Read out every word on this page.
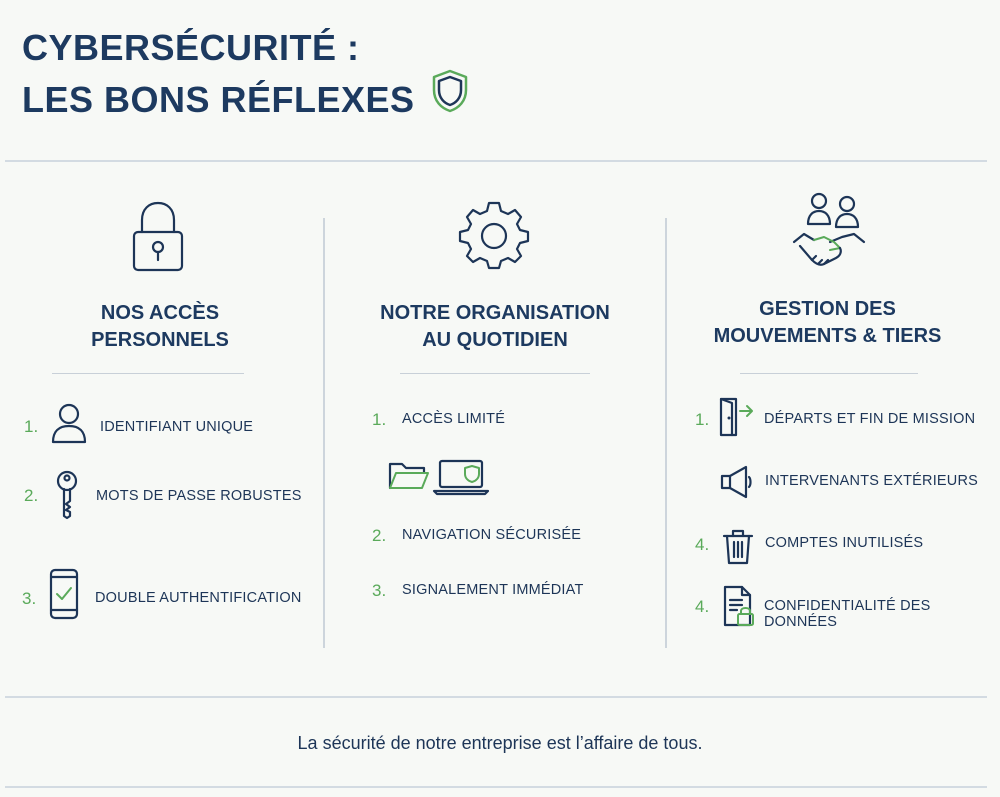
CYBERSÉCURITÉ :
LES BONS RÉFLEXES
NOS ACCÈS
PERSONNELS
1.	IDENTIFIANT UNIQUE
2.	MOTS DE PASSE ROBUSTES
3.	DOUBLE AUTHENTIFICATION
NOTRE ORGANISATION
AU QUOTIDIEN
1. ACCÈS LIMITÉ
2. NAVIGATION SÉCURISÉE
3. SIGNALEMENT IMMÉDIAT
GESTION DES
MOUVEMENTS & TIERS
1.	DÉPARTS ET FIN DE MISSION
INTERVENANTS EXTÉRIEURS
4.	COMPTES INUTILISÉS
4.	CONFIDENTIALITÉ DES DONNÉES
La sécurité de notre entreprise est l’affaire de tous.
